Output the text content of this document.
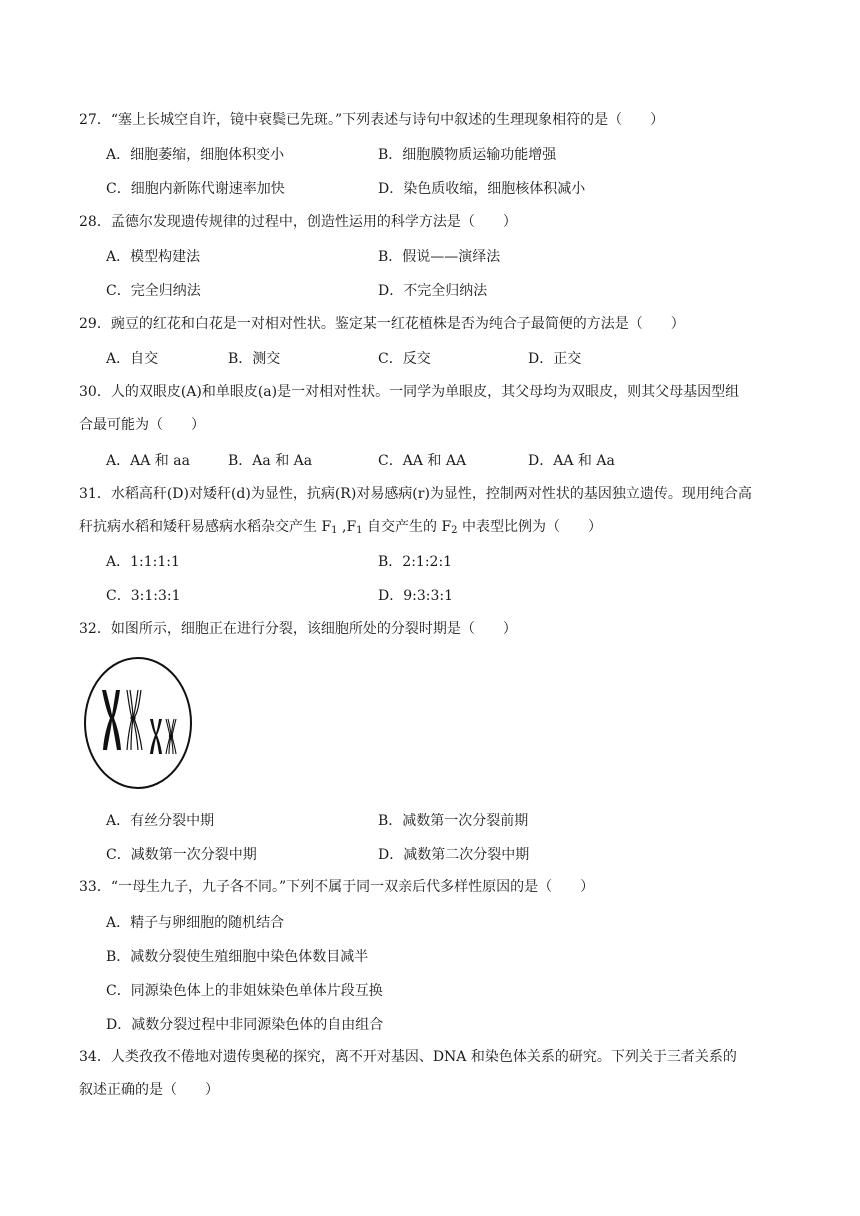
27．“塞上长城空自许，镜中衰鬓已先斑。”下列表述与诗句中叙述的生理现象相符的是（　　）
A．细胞萎缩，细胞体积变小	B．细胞膜物质运输功能增强
C．细胞内新陈代谢速率加快	D．染色质收缩，细胞核体积减小
28．孟德尔发现遗传规律的过程中，创造性运用的科学方法是（　　）
A．模型构建法	B．假说——演绎法
C．完全归纳法	D．不完全归纳法
29．豌豆的红花和白花是一对相对性状。鉴定某一红花植株是否为纯合子最简便的方法是（　　）
A．自交	B．测交	C．反交	D．正交
30．人的双眼皮(A)和单眼皮(a)是一对相对性状。一同学为单眼皮，其父母均为双眼皮，则其父母基因型组
合最可能为（　　）
A．AA 和 aa	B．Aa 和 Aa	C．AA 和 AA	D．AA 和 Aa
31．水稻高秆(D)对矮秆(d)为显性，抗病(R)对易感病(r)为显性，控制两对性状的基因独立遗传。现用纯合高
秆抗病水稻和矮秆易感病水稻杂交产生 $F_1$ $,F_1$ 自交产生的 $F_2$ 中表型比例为（　　）
A．1:1:1:1	B．2:1:2:1
C．3:1:3:1	D．9:3:3:1
32．如图所示，细胞正在进行分裂，该细胞所处的分裂时期是（　　）
A．有丝分裂中期	B．减数第一次分裂前期
C．减数第一次分裂中期	D．减数第二次分裂中期
33．“一母生九子，九子各不同。”下列不属于同一双亲后代多样性原因的是（　　）
A．精子与卵细胞的随机结合
B．减数分裂使生殖细胞中染色体数目减半
C．同源染色体上的非姐妹染色单体片段互换
D．减数分裂过程中非同源染色体的自由组合
34．人类孜孜不倦地对遗传奥秘的探究，离不开对基因、DNA 和染色体关系的研究。下列关于三者关系的
叙述正确的是（　　）
